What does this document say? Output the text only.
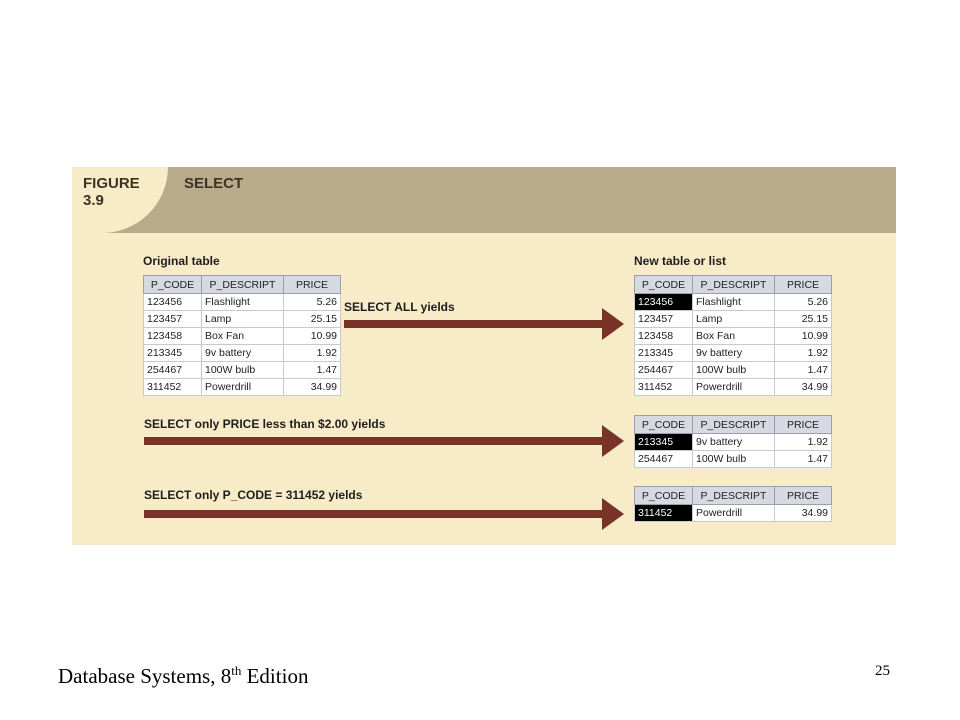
FIGURE
3.9
SELECT
Original table	New table or list
P_CODE	P_DESCRIPT	PRICE
123456	Flashlight	5.26
123457	Lamp	25.15
123458	Box Fan	10.99
213345	9v battery	1.92
254467	100W bulb	1.47
311452	Powerdrill	34.99
SELECT ALL yields
P_CODE	P_DESCRIPT	PRICE
123456	Flashlight	5.26
123457	Lamp	25.15
123458	Box Fan	10.99
213345	9v battery	1.92
254467	100W bulb	1.47
311452	Powerdrill	34.99
SELECT only PRICE less than $2.00 yields	P_CODE	P_DESCRIPT	PRICE
213345	9v battery	1.92
254467	100W bulb	1.47
SELECT only P_CODE = 311452 yields	P_CODE	P_DESCRIPT	PRICE
311452	Powerdrill	34.99
Database Systems, 8th Edition	25
